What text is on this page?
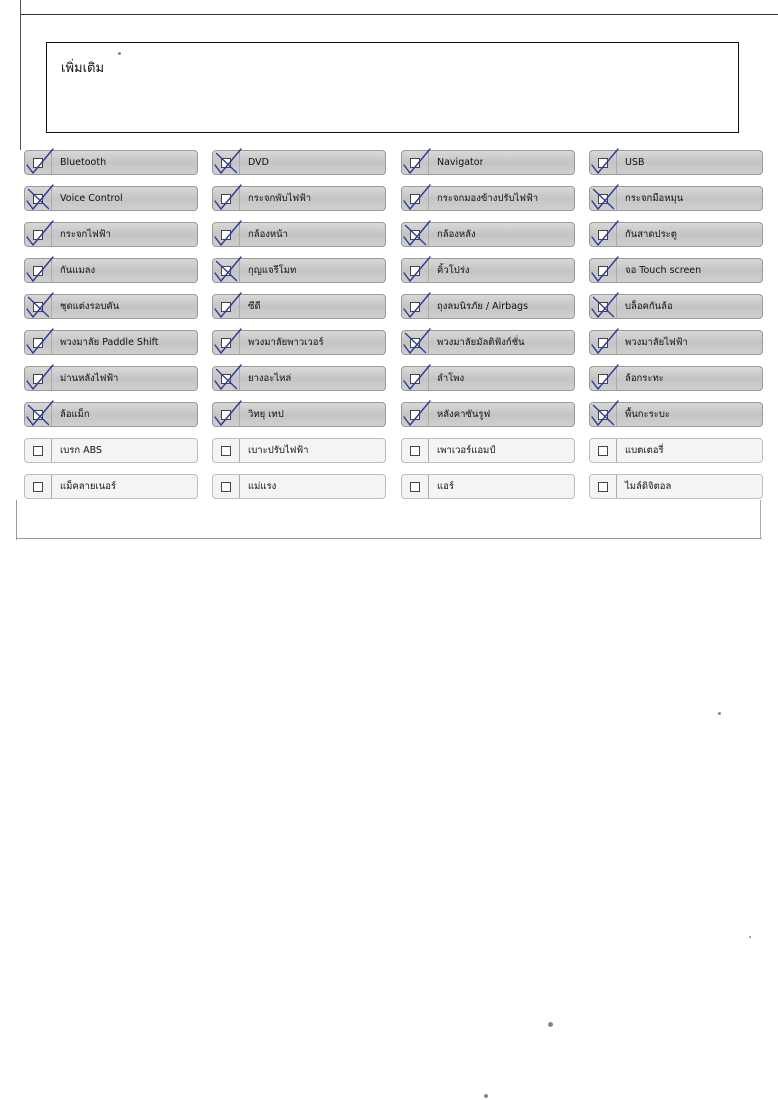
เพิ่มเติม
Bluetooth
Voice Control
กระจกไฟฟ้า
กันแมลง
ชุดแต่งรอบคัน
พวงมาลัย Paddle Shift
ม่านหลังไฟฟ้า
ล้อแม็ก
เบรก ABS
แม็คลายเนอร์
DVD
กระจกพับไฟฟ้า
กล้องหน้า
กุญแจรีโมท
ซีดี
พวงมาลัยพาวเวอร์
ยางอะไหล่
วิทยุ เทป
เบาะปรับไฟฟ้า
แม่แรง
Navigator
กระจกมองข้างปรับไฟฟ้า
กล้องหลัง
คิ้วโปร่ง
ถุงลมนิรภัย / Airbags
พวงมาลัยมัลติฟังก์ชั่น
ลำโพง
หลังคาซันรูฟ
เพาเวอร์แอมป์
แอร์
USB
กระจกมือหมุน
กันสาดประตู
จอ Touch screen
บล็อคกันล้อ
พวงมาลัยไฟฟ้า
ล้อกระทะ
พื้นกะระบะ
แบตเตอรี่
ไมล์ดิจิตอล
